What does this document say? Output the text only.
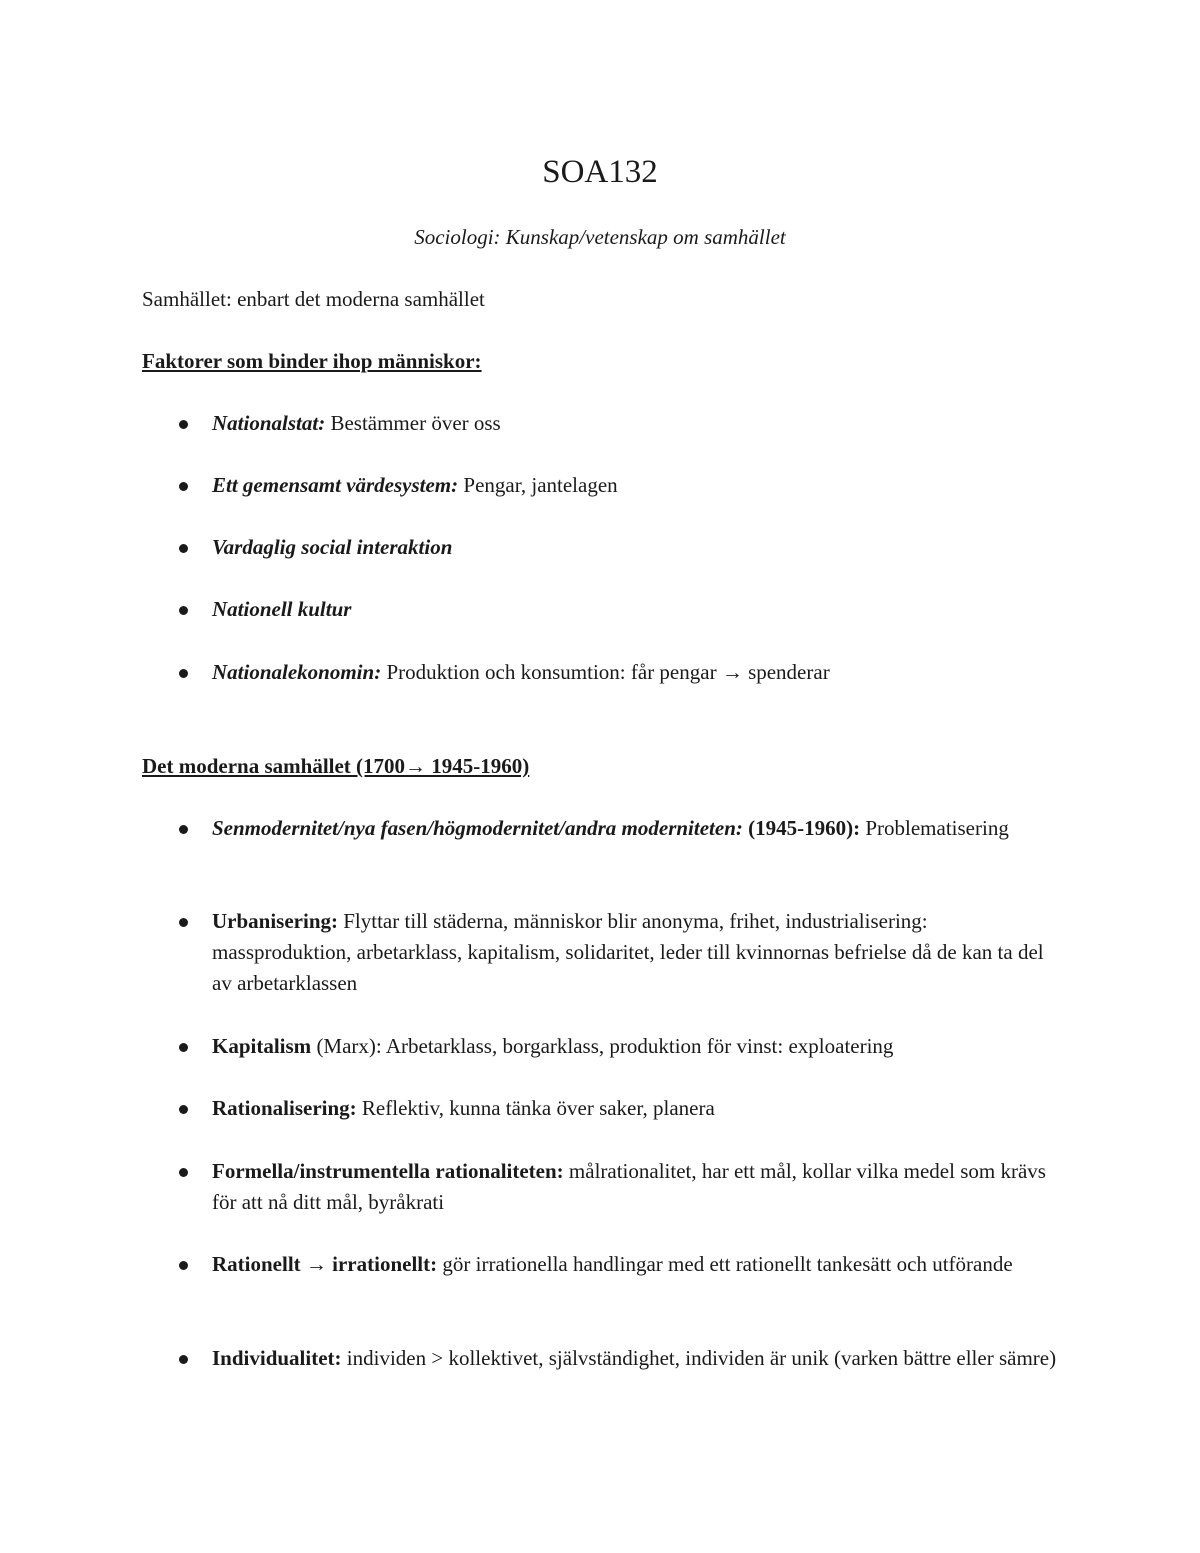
SOA132
Sociologi: Kunskap/vetenskap om samhället
Samhället: enbart det moderna samhället
Faktorer som binder ihop människor:
Nationalstat: Bestämmer över oss
Ett gemensamt värdesystem: Pengar, jantelagen
Vardaglig social interaktion
Nationell kultur
Nationalekonomin: Produktion och konsumtion: får pengar → spenderar
Det moderna samhället (1700→ 1945-1960)
Senmodernitet/nya fasen/högmodernitet/andra moderniteten: (1945-1960): Problematisering
Urbanisering: Flyttar till städerna, människor blir anonyma, frihet, industrialisering: massproduktion, arbetarklass, kapitalism, solidaritet, leder till kvinnornas befrielse då de kan ta del av arbetarklassen
Kapitalism (Marx): Arbetarklass, borgarklass, produktion för vinst: exploatering
Rationalisering: Reflektiv, kunna tänka över saker, planera
Formella/instrumentella rationaliteten: målrationalitet, har ett mål, kollar vilka medel som krävs för att nå ditt mål, byråkrati
Rationellt → irrationellt: gör irrationella handlingar med ett rationellt tankesätt och utförande
Individualitet: individen > kollektivet, självständighet, individen är unik (varken bättre eller sämre)
